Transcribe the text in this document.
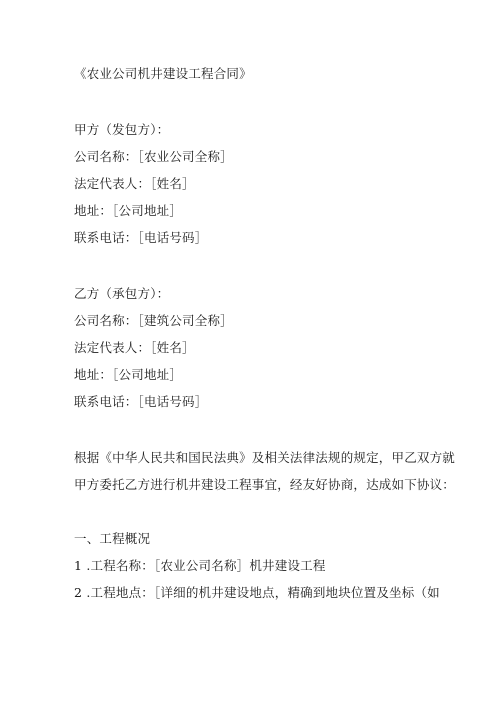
《农业公司机井建设工程合同》
甲方（发包方）：
公司名称：［农业公司全称］
法定代表人：［姓名］
地址：［公司地址］
联系电话：［电话号码］
乙方（承包方）：
公司名称：［建筑公司全称］
法定代表人：［姓名］
地址：［公司地址］
联系电话：［电话号码］
根据《中华人民共和国民法典》及相关法律法规的规定，甲乙双方就
甲方委托乙方进行机井建设工程事宜，经友好协商，达成如下协议：
一、工程概况
1 .工程名称：［农业公司名称］机井建设工程
2 .工程地点：［详细的机井建设地点，精确到地块位置及坐标（如
